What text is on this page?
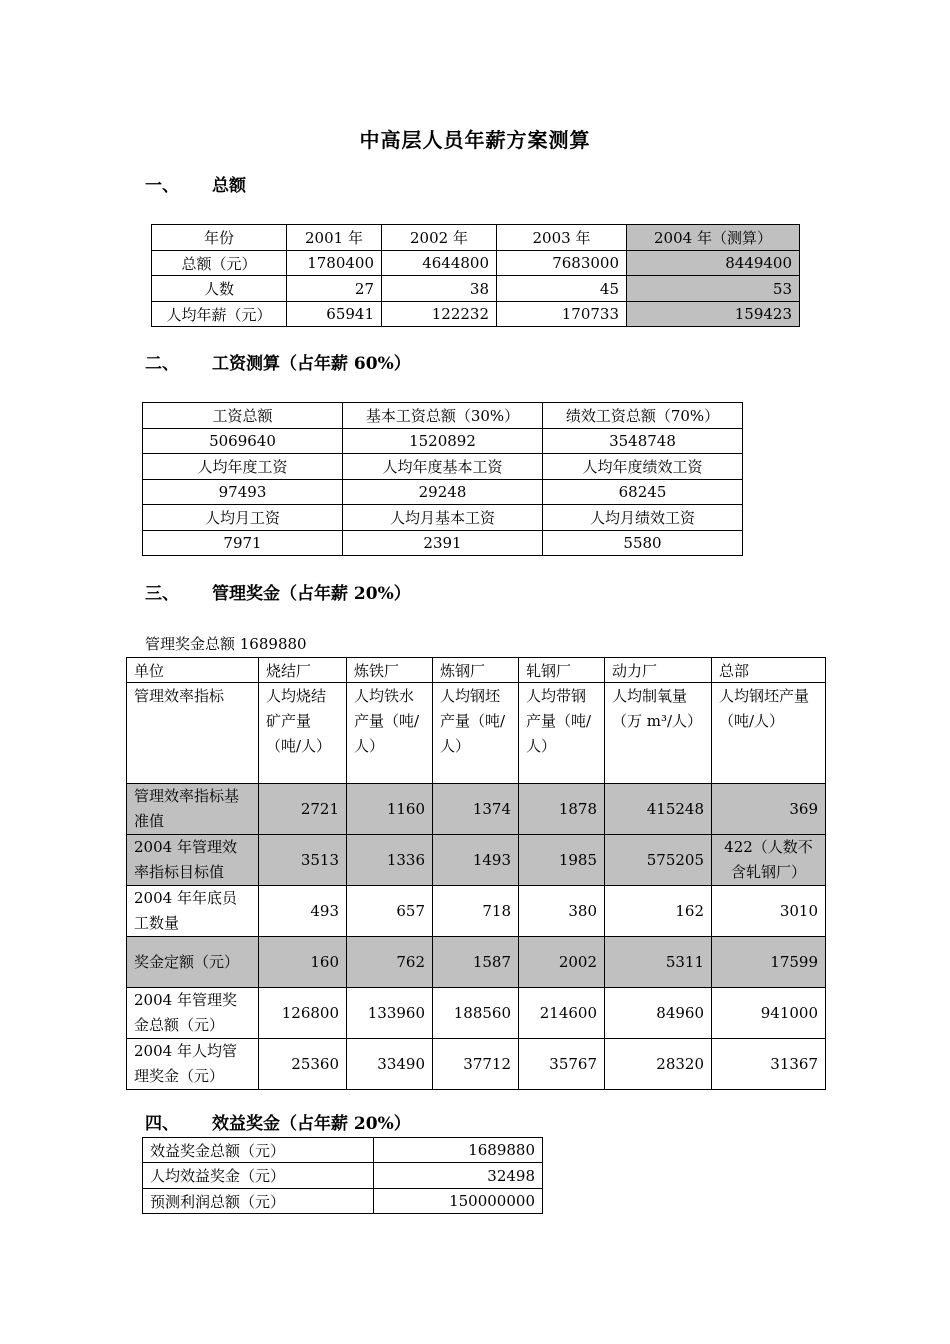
中高层人员年薪方案测算
一、 总额
年份	2001 年	2002 年	2003 年	2004 年（测算）
总额（元）	1780400	4644800	7683000	8449400
人数	27	38	45	53
人均年薪（元）	65941	122232	170733	159423
二、 工资测算（占年薪 60%）
工资总额	基本工资总额（30%）	绩效工资总额（70%）
5069640	1520892	3548748
人均年度工资	人均年度基本工资	人均年度绩效工资
97493	29248	68245
人均月工资	人均月基本工资	人均月绩效工资
7971	2391	5580
三、 管理奖金（占年薪 20%）
管理奖金总额 1689880
单位	烧结厂	炼铁厂	炼钢厂	轧钢厂	动力厂	总部
管理效率指标	人均烧结矿产量（吨/人）	人均铁水产量（吨/人）	人均钢坯产量（吨/人）	人均带钢产量（吨/人）	人均制氧量（万 m³/人）	人均钢坯产量（吨/人）
管理效率指标基准值	2721	1160	1374	1878	415248	369
2004 年管理效率指标目标值	3513	1336	1493	1985	575205	422（人数不含轧钢厂）
2004 年年底员工数量	493	657	718	380	162	3010
奖金定额（元）	160	762	1587	2002	5311	17599
2004 年管理奖金总额（元）	126800	133960	188560	214600	84960	941000
2004 年人均管理奖金（元）	25360	33490	37712	35767	28320	31367
四、 效益奖金（占年薪 20%）
效益奖金总额（元）	1689880
人均效益奖金（元）	32498
预测利润总额（元）	150000000
